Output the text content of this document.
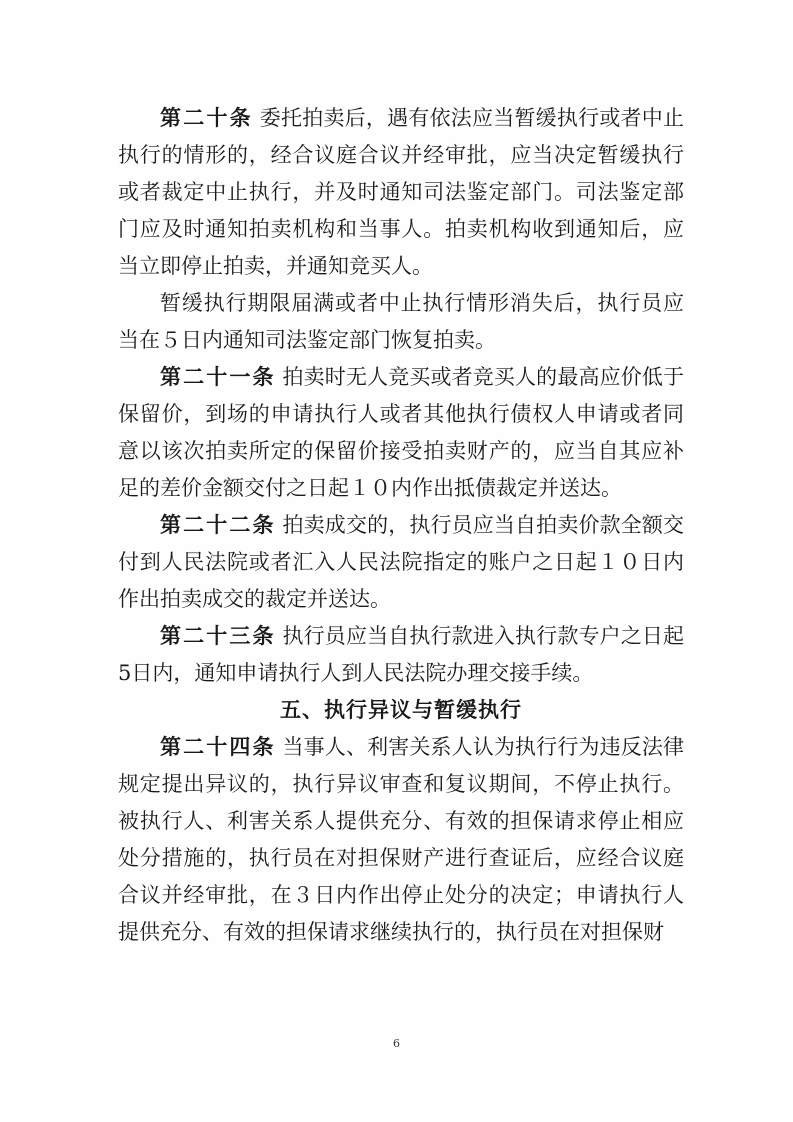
第二十条 委托拍卖后，遇有依法应当暂缓执行或者中止执行的情形的，经合议庭合议并经审批，应当决定暂缓执行或者裁定中止执行，并及时通知司法鉴定部门。司法鉴定部门应及时通知拍卖机构和当事人。拍卖机构收到通知后，应当立即停止拍卖，并通知竞买人。

暂缓执行期限届满或者中止执行情形消失后，执行员应当在５日内通知司法鉴定部门恢复拍卖。

第二十一条 拍卖时无人竞买或者竞买人的最高应价低于保留价，到场的申请执行人或者其他执行债权人申请或者同意以该次拍卖所定的保留价接受拍卖财产的，应当自其应补足的差价金额交付之日起１０内作出抵债裁定并送达。

第二十二条 拍卖成交的，执行员应当自拍卖价款全额交付到人民法院或者汇入人民法院指定的账户之日起１０日内作出拍卖成交的裁定并送达。

第二十三条 执行员应当自执行款进入执行款专户之日起5日内，通知申请执行人到人民法院办理交接手续。

五、执行异议与暂缓执行

第二十四条 当事人、利害关系人认为执行行为违反法律规定提出异议的，执行异议审查和复议期间，不停止执行。被执行人、利害关系人提供充分、有效的担保请求停止相应处分措施的，执行员在对担保财产进行查证后，应经合议庭合议并经审批，在３日内作出停止处分的决定；申请执行人提供充分、有效的担保请求继续执行的，执行员在对担保财

6
